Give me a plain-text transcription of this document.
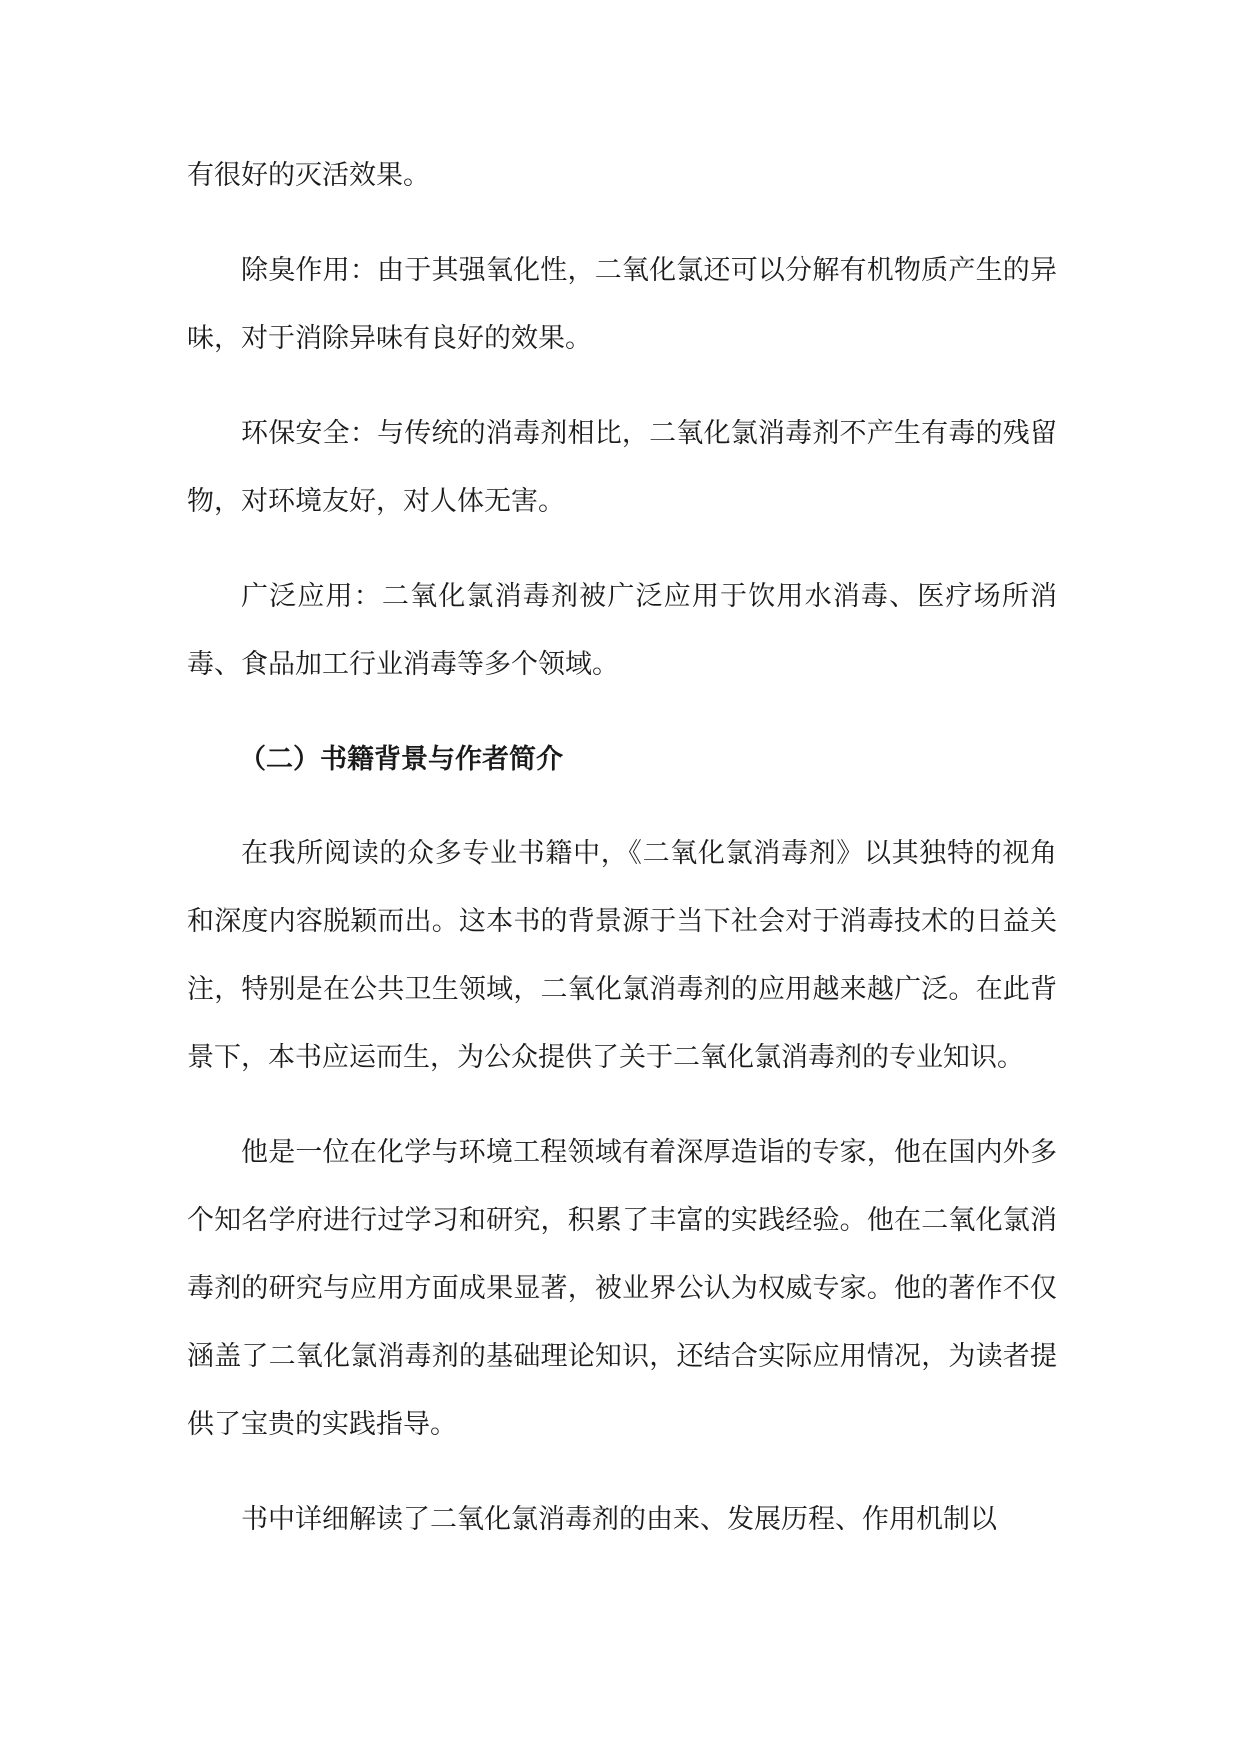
有很好的灭活效果。

除臭作用：由于其强氧化性，二氧化氯还可以分解有机物质产生的异味，对于消除异味有良好的效果。

环保安全：与传统的消毒剂相比，二氧化氯消毒剂不产生有毒的残留物，对环境友好，对人体无害。

广泛应用：二氧化氯消毒剂被广泛应用于饮用水消毒、医疗场所消毒、食品加工行业消毒等多个领域。

（二）书籍背景与作者简介

在我所阅读的众多专业书籍中，《二氧化氯消毒剂》以其独特的视角和深度内容脱颖而出。这本书的背景源于当下社会对于消毒技术的日益关注，特别是在公共卫生领域，二氧化氯消毒剂的应用越来越广泛。在此背景下，本书应运而生，为公众提供了关于二氧化氯消毒剂的专业知识。

他是一位在化学与环境工程领域有着深厚造诣的专家，他在国内外多个知名学府进行过学习和研究，积累了丰富的实践经验。他在二氧化氯消毒剂的研究与应用方面成果显著，被业界公认为权威专家。他的著作不仅涵盖了二氧化氯消毒剂的基础理论知识，还结合实际应用情况，为读者提供了宝贵的实践指导。

书中详细解读了二氧化氯消毒剂的由来、发展历程、作用机制以
